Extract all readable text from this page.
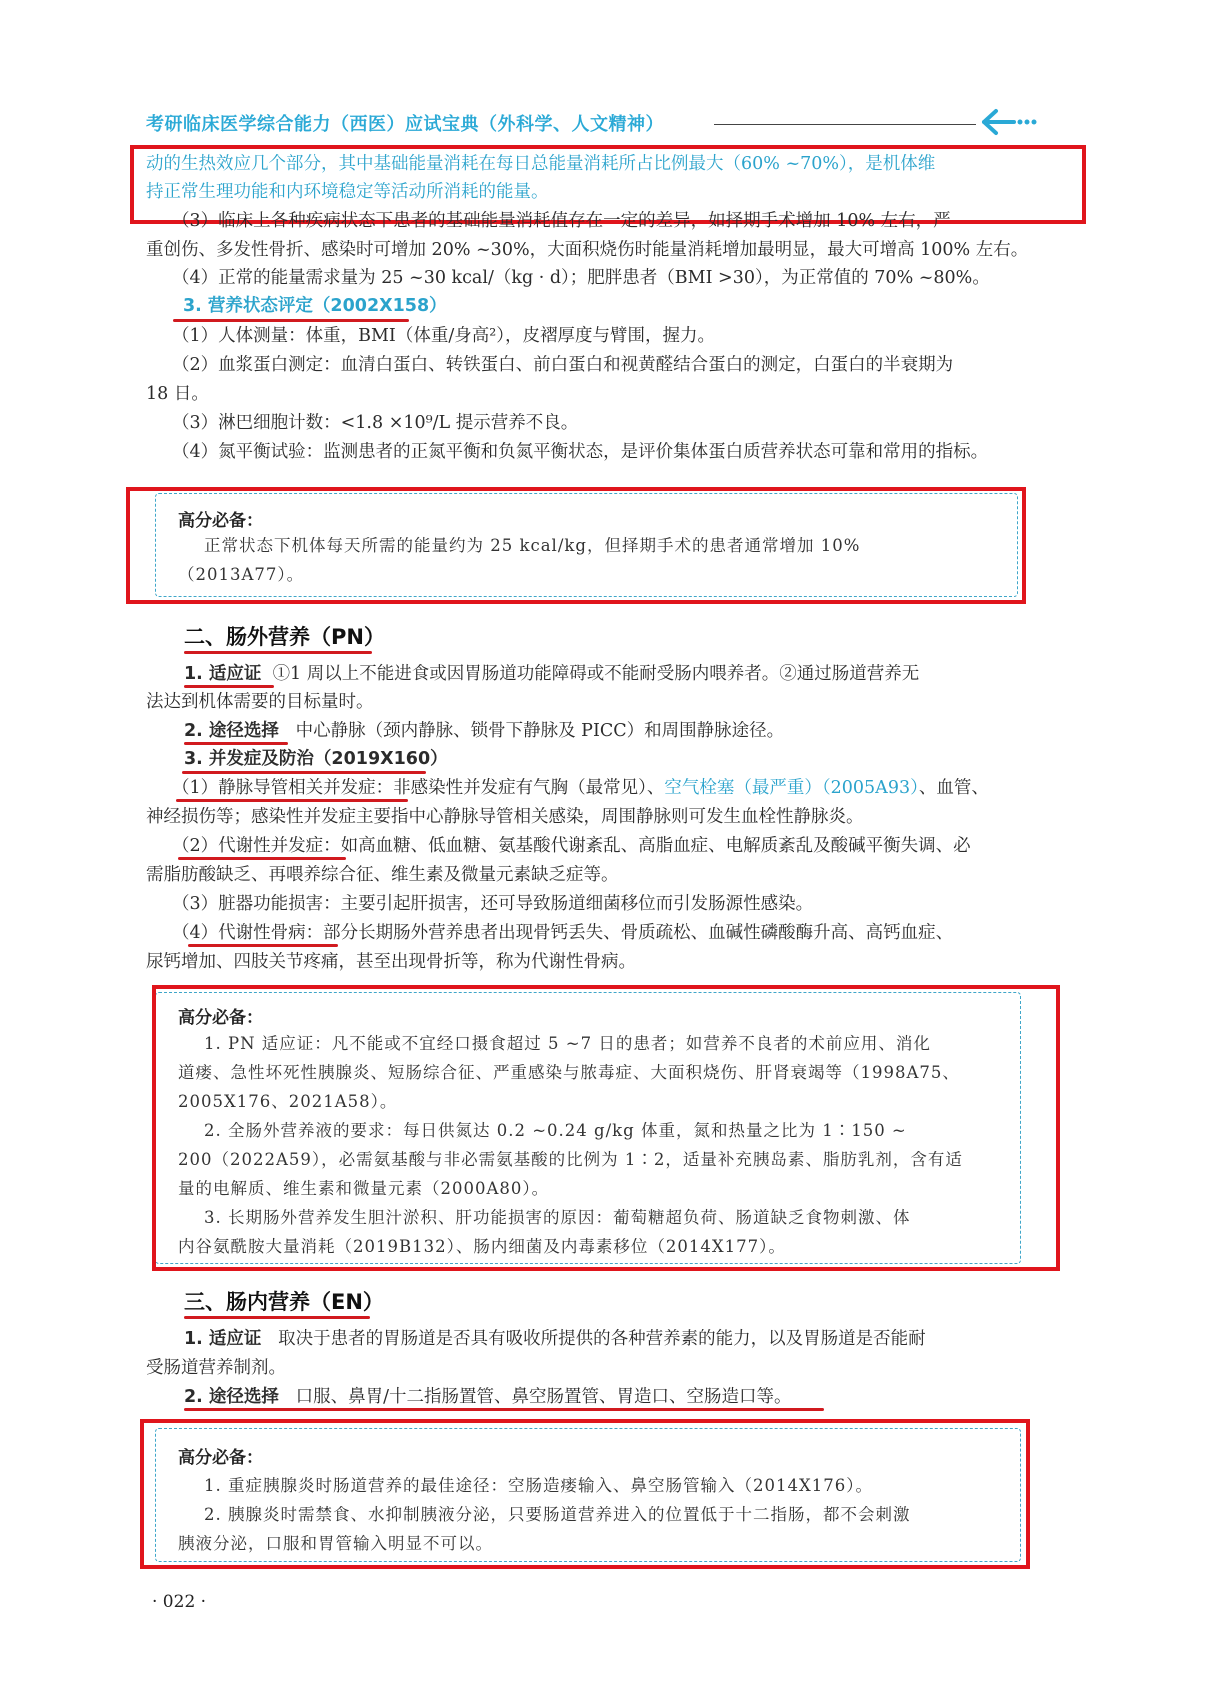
考研临床医学综合能力（西医）应试宝典（外科学、人文精神）
动的生热效应几个部分，其中基础能量消耗在每日总能量消耗所占比例最大（60% ~70%），是机体维
持正常生理功能和内环境稳定等活动所消耗的能量。
（3）临床上各种疾病状态下患者的基础能量消耗值存在一定的差异，如择期手术增加 10% 左右，严
重创伤、多发性骨折、感染时可增加 20% ~30%，大面积烧伤时能量消耗增加最明显，最大可增高 100% 左右。
（4）正常的能量需求量为 25 ~30 kcal/（kg · d）；肥胖患者（BMI >30），为正常值的 70% ~80%。
3. 营养状态评定（2002X158）
（1）人体测量：体重，BMI（体重/身高²），皮褶厚度与臂围，握力。
（2）血浆蛋白测定：血清白蛋白、转铁蛋白、前白蛋白和视黄醛结合蛋白的测定，白蛋白的半衰期为
18 日。
（3）淋巴细胞计数：<1.8 ×10⁹/L 提示营养不良。
（4）氮平衡试验：监测患者的正氮平衡和负氮平衡状态，是评价集体蛋白质营养状态可靠和常用的指标。
高分必备：
正常状态下机体每天所需的能量约为 25 kcal/kg，但择期手术的患者通常增加 10%
（2013A77）。
二、肠外营养（PN）
1. 适应证 ①1 周以上不能进食或因胃肠道功能障碍或不能耐受肠内喂养者。②通过肠道营养无
法达到机体需要的目标量时。
2. 途径选择 中心静脉（颈内静脉、锁骨下静脉及 PICC）和周围静脉途径。
3. 并发症及防治（2019X160）
（1）静脉导管相关并发症：非感染性并发症有气胸（最常见）、空气栓塞（最严重）（2005A93）、血管、
神经损伤等；感染性并发症主要指中心静脉导管相关感染，周围静脉则可发生血栓性静脉炎。
（2）代谢性并发症：如高血糖、低血糖、氨基酸代谢紊乱、高脂血症、电解质紊乱及酸碱平衡失调、必
需脂肪酸缺乏、再喂养综合征、维生素及微量元素缺乏症等。
（3）脏器功能损害：主要引起肝损害，还可导致肠道细菌移位而引发肠源性感染。
（4）代谢性骨病：部分长期肠外营养患者出现骨钙丢失、骨质疏松、血碱性磷酸酶升高、高钙血症、
尿钙增加、四肢关节疼痛，甚至出现骨折等，称为代谢性骨病。
高分必备：
1. PN 适应证：凡不能或不宜经口摄食超过 5 ~7 日的患者；如营养不良者的术前应用、消化
道瘘、急性坏死性胰腺炎、短肠综合征、严重感染与脓毒症、大面积烧伤、肝肾衰竭等（1998A75、
2005X176、2021A58）。
2. 全肠外营养液的要求：每日供氮达 0.2 ~0.24 g/kg 体重，氮和热量之比为 1∶150 ~
200（2022A59），必需氨基酸与非必需氨基酸的比例为 1∶2，适量补充胰岛素、脂肪乳剂，含有适
量的电解质、维生素和微量元素（2000A80）。
3. 长期肠外营养发生胆汁淤积、肝功能损害的原因：葡萄糖超负荷、肠道缺乏食物刺激、体
内谷氨酰胺大量消耗（2019B132）、肠内细菌及内毒素移位（2014X177）。
三、肠内营养（EN）
1. 适应证 取决于患者的胃肠道是否具有吸收所提供的各种营养素的能力，以及胃肠道是否能耐
受肠道营养制剂。
2. 途径选择 口服、鼻胃/十二指肠置管、鼻空肠置管、胃造口、空肠造口等。
高分必备：
1. 重症胰腺炎时肠道营养的最佳途径：空肠造瘘输入、鼻空肠管输入（2014X176）。
2. 胰腺炎时需禁食、水抑制胰液分泌，只要肠道营养进入的位置低于十二指肠，都不会刺激
胰液分泌，口服和胃管输入明显不可以。
· 022 ·
